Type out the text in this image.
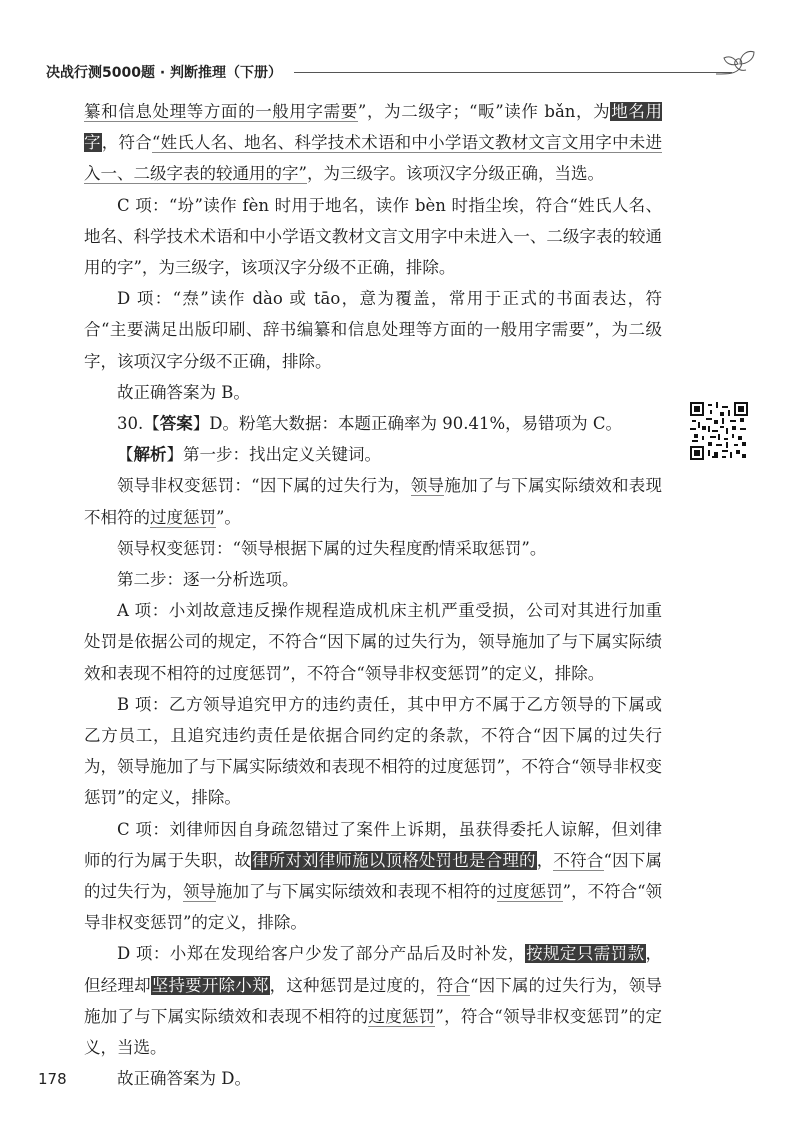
决战行测5000题 · 判断推理（下册）

纂和信息处理等方面的一般用字需要”，为二级字；“畈”读作 bǎn，为地名用字，符合“姓氏人名、地名、科学技术术语和中小学语文教材文言文用字中未进入一、二级字表的较通用的字”，为三级字。该项汉字分级正确，当选。

C 项：“坋”读作 fèn 时用于地名，读作 bèn 时指尘埃，符合“姓氏人名、地名、科学技术术语和中小学语文教材文言文用字中未进入一、二级字表的较通用的字”，为三级字，该项汉字分级不正确，排除。

D 项：“焘”读作 dào 或 tāo，意为覆盖，常用于正式的书面表达，符合“主要满足出版印刷、辞书编纂和信息处理等方面的一般用字需要”，为二级字，该项汉字分级不正确，排除。

故正确答案为 B。

30.【答案】D。粉笔大数据：本题正确率为 90.41%，易错项为 C。

【解析】第一步：找出定义关键词。

领导非权变惩罚：“因下属的过失行为，领导施加了与下属实际绩效和表现不相符的过度惩罚”。

领导权变惩罚：“领导根据下属的过失程度酌情采取惩罚”。

第二步：逐一分析选项。

A 项：小刘故意违反操作规程造成机床主机严重受损，公司对其进行加重处罚是依据公司的规定，不符合“因下属的过失行为，领导施加了与下属实际绩效和表现不相符的过度惩罚”，不符合“领导非权变惩罚”的定义，排除。

B 项：乙方领导追究甲方的违约责任，其中甲方不属于乙方领导的下属或乙方员工，且追究违约责任是依据合同约定的条款，不符合“因下属的过失行为，领导施加了与下属实际绩效和表现不相符的过度惩罚”，不符合“领导非权变惩罚”的定义，排除。

C 项：刘律师因自身疏忽错过了案件上诉期，虽获得委托人谅解，但刘律师的行为属于失职，故律所对刘律师施以顶格处罚也是合理的，不符合“因下属的过失行为，领导施加了与下属实际绩效和表现不相符的过度惩罚”，不符合“领导非权变惩罚”的定义，排除。

D 项：小郑在发现给客户少发了部分产品后及时补发，按规定只需罚款，但经理却坚持要开除小郑，这种惩罚是过度的，符合“因下属的过失行为，领导施加了与下属实际绩效和表现不相符的过度惩罚”，符合“领导非权变惩罚”的定义，当选。

故正确答案为 D。

178
